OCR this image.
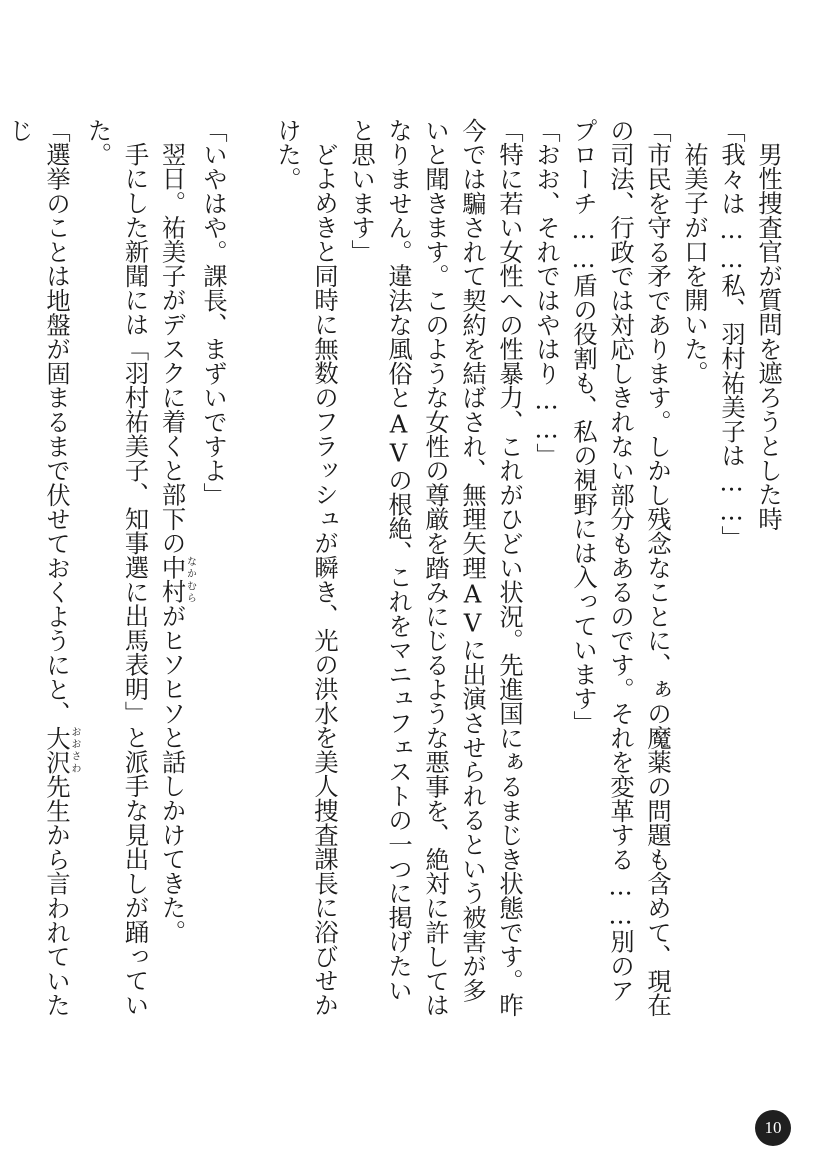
男性捜査官が質問を遮ろうとした時

「我々は……私、羽村祐美子は……」

祐美子が口を開いた。

「市民を守る矛であります。しかし残念なことに、ぁの魔薬の問題も含めて、現在の司法、行政では対応しきれない部分もあるのです。それを変革する……別のアプローチ……盾の役割も、私の視野には入っています」

「おお、それではやはり……」

「特に若い女性への性暴力、これがひどい状況。先進国にぁるまじき状態です。昨今では騙されて契約を結ばされ、無理矢理AVに出演させられるという被害が多いと聞きます。このような女性の尊厳を踏みにじるような悪事を、絶対に許してはなりません。違法な風俗とAVの根絶、これをマニュフェストの一つに掲げたいと思います」

どよめきと同時に無数のフラッシュが瞬き、光の洪水を美人捜査課長に浴びせかけた。

「いやはや。課長、まずいですよ」

翌日。祐美子がデスクに着くと部下の中村なかむらがヒソヒソと話しかけてきた。

手にした新聞には「羽村祐美子、知事選に出馬表明」と派手な見出しが踊っていた。

「選挙のことは地盤が固まるまで伏せておくようにと、大沢おおさわ先生から言われていたじ

10
